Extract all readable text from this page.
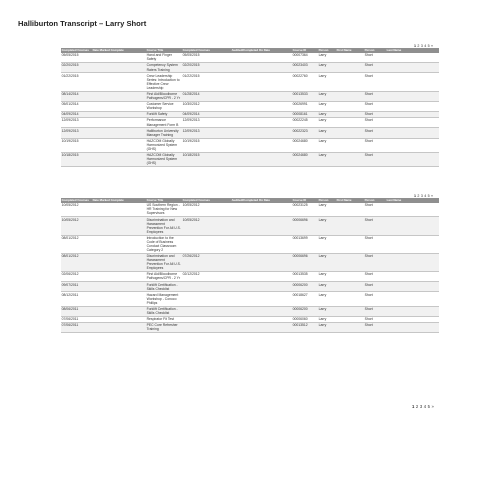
Halliburton Transcript – Larry Short
1 2 3 4 5 »
Completed Courses	Date Marked Complete	Course Title	Completed Courses	Audited/Completed On Date	Course ID	Person	First Name	Person	Last Name
05/05/2015		Hand and Finger Safety	05/05/2015		00007364	Larry		Short	
02/20/2015		Competency System Raters Training	02/20/2015		00023403	Larry		Short	
01/22/2015		Crew Leadership Series: Introduction to Effective Crew Leadership	01/22/2015		00022760	Larry		Short	
08/14/2014		First Aid/Bloodborne Pathogens/CPR - 2 Yr	01/28/2014		00013533	Larry		Short	
05/01/2014		Customer Service Workshop	10/30/2012		00026991	Larry		Short	
04/09/2014		Forklift Safety	04/09/2014		00008161	Larry		Short	
12/09/2013		Performance Management Form B	12/09/2013		00022245	Larry		Short	
12/09/2013		Halliburton University Manager Training	12/09/2013		00022323	Larry		Short	
10/19/2015		HAZCOM Globally Harmonized System (GHS)	10/19/2015		00024680	Larry		Short	
10/18/2015		HAZCOM Globally Harmonized System (GHS)	10/18/2015		00024680	Larry		Short	
1 2 3 4 5 »
Completed Courses	Date Marked Complete	Course Title	Completed Courses	Audited/Completed On Date	Course ID	Person	First Name	Person	Last Name
10/05/2012		US Southern Region - HR Training for New Supervisors	10/05/2012		00023125	Larry		Short	
10/05/2012		Discrimination and Harassment Prevention For All U.S. Employees	10/05/2012		00006696	Larry		Short	
08/01/2012		Introduction to the Code of Business Conduct Classroom Category 2			00013699	Larry		Short	
08/01/2012		Discrimination and Harassment Prevention For All U.S. Employees	07/26/2012		00006696	Larry		Short	
02/06/2012		First Aid/Bloodborne Pathogens/CPR - 2 Yr	02/12/2012		00013535	Larry		Short	
09/07/2011		Forklift Certification - Skills Checklist			00006200	Larry		Short	
08/12/2011		Hazard Management Workshop - Conoco Phillips			00018627	Larry		Short	
08/06/2011		Forklift Certification - Skills Checklist			00006200	Larry		Short	
07/06/2011		Respirator Fit Test			00006060	Larry		Short	
07/06/2011		PEC Core Refresher Training			00013512	Larry		Short	
1 2 3 4 5 »
